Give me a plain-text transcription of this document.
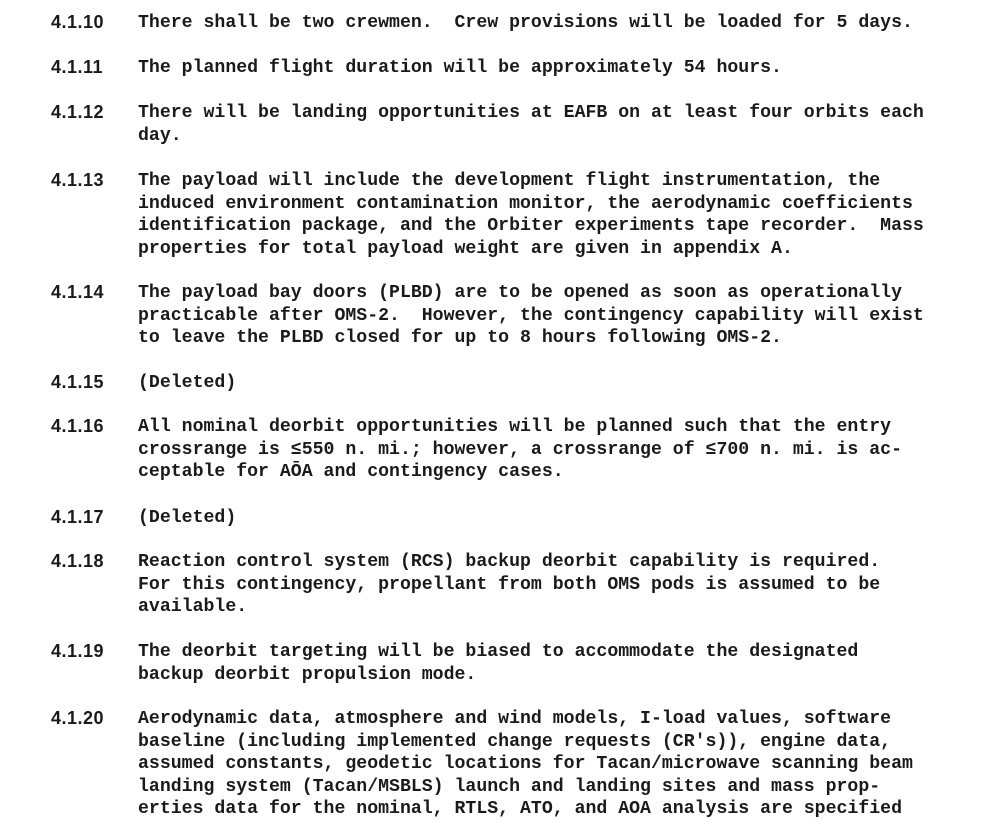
4.1.10 There shall be two crewmen.  Crew provisions will be loaded for 5 days.
4.1.11 The planned flight duration will be approximately 54 hours.
4.1.12 There will be landing opportunities at EAFB on at least four orbits each
day.
4.1.13 The payload will include the development flight instrumentation, the
induced environment contamination monitor, the aerodynamic coefficients
identification package, and the Orbiter experiments tape recorder.  Mass
properties for total payload weight are given in appendix A.
4.1.14 The payload bay doors (PLBD) are to be opened as soon as operationally
practicable after OMS-2.  However, the contingency capability will exist
to leave the PLBD closed for up to 8 hours following OMS-2.
4.1.15 (Deleted)
4.1.16 All nominal deorbit opportunities will be planned such that the entry
crossrange is ≤550 n. mi.; however, a crossrange of ≤700 n. mi. is ac-
ceptable for AŌA and contingency cases.
4.1.17 (Deleted)
4.1.18 Reaction control system (RCS) backup deorbit capability is required.
For this contingency, propellant from both OMS pods is assumed to be
available.
4.1.19 The deorbit targeting will be biased to accommodate the designated
backup deorbit propulsion mode.
4.1.20 Aerodynamic data, atmosphere and wind models, I-load values, software
baseline (including implemented change requests (CR's)), engine data,
assumed constants, geodetic locations for Tacan/microwave scanning beam
landing system (Tacan/MSBLS) launch and landing sites and mass prop-
erties data for the nominal, RTLS, ATO, and AOA analysis are specified
